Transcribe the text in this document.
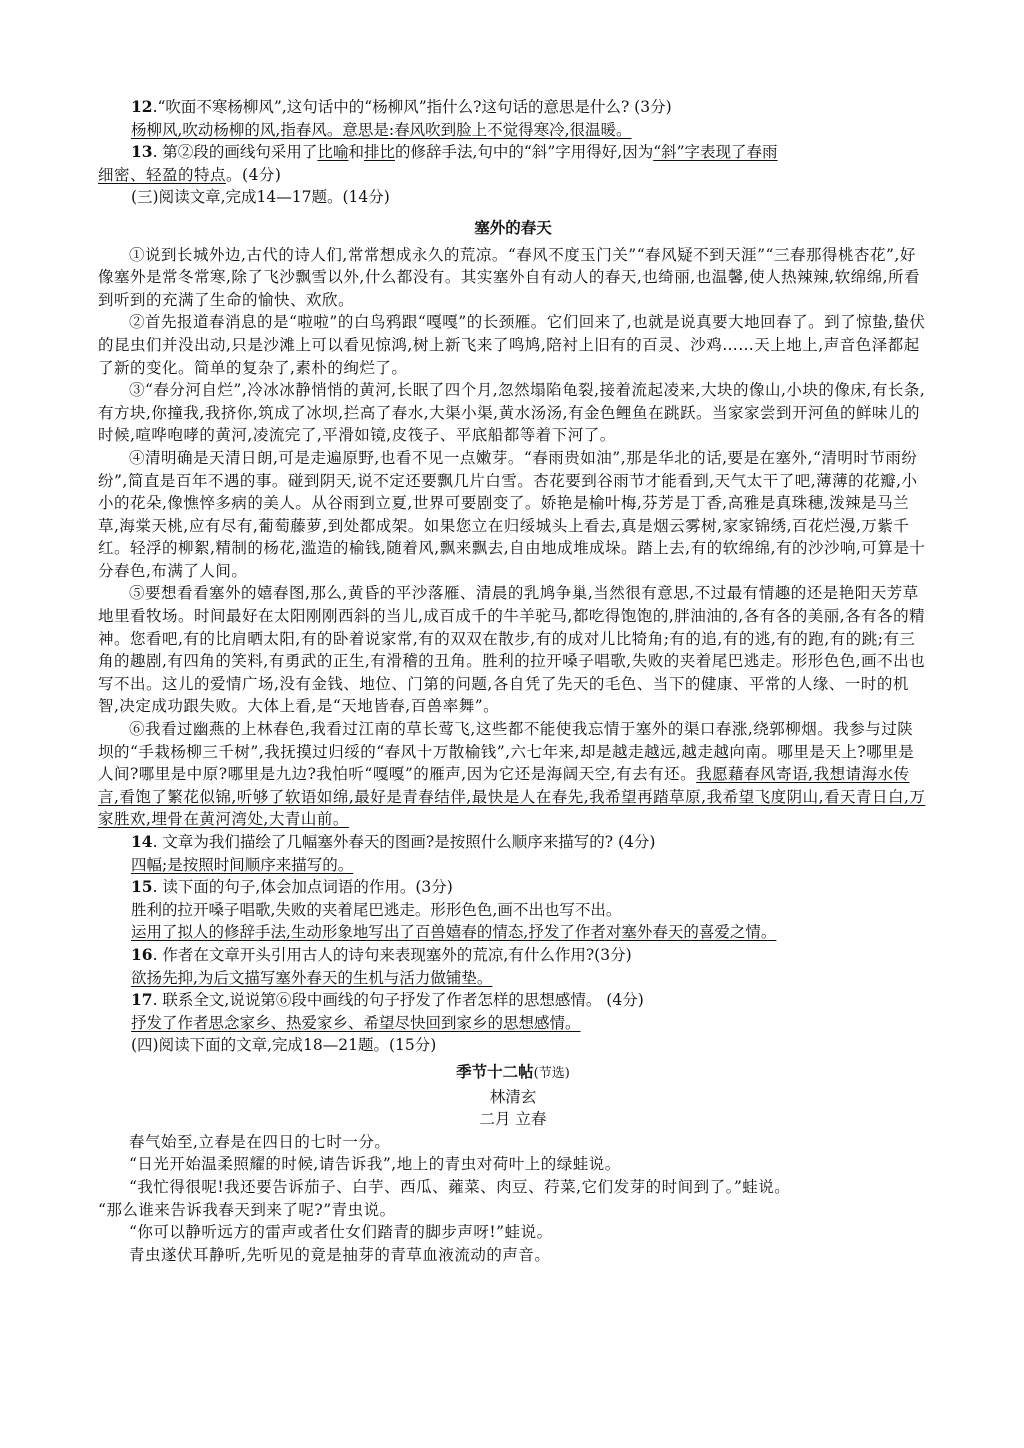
12.“吹面不寒杨柳风”,这句话中的“杨柳风”指什么?这句话的意思是什么? (3分)

杨柳风,吹动杨柳的风,指春风。意思是:春风吹到脸上不觉得寒冷,很温暖。

13. 第②段的画线句采用了比喻和排比的修辞手法,句中的“斜”字用得好,因为“斜”字表现了春雨

细密、轻盈的特点。(4分)

(三)阅读文章,完成14—17题。(14分)

塞外的春天

①说到长城外边,古代的诗人们,常常想成永久的荒凉。“春风不度玉门关”“春风疑不到天涯”“三春那得桃杏花”,好像塞外是常冬常寒,除了飞沙飘雪以外,什么都没有。其实塞外自有动人的春天,也绮丽,也温馨,使人热辣辣,软绵绵,所看到听到的充满了生命的愉快、欢欣。

②首先报道春消息的是“啦啦”的白鸟鸦跟“嘎嘎”的长颈雁。它们回来了,也就是说真要大地回春了。到了惊蛰,蛰伏的昆虫们并没出动,只是沙滩上可以看见惊鸿,树上新飞来了鸣鸠,陪衬上旧有的百灵、沙鸡……天上地上,声音色泽都起了新的变化。简单的复杂了,素朴的绚烂了。

③“春分河自烂”,冷冰冰静悄悄的黄河,长眠了四个月,忽然塌陷龟裂,接着流起凌来,大块的像山,小块的像床,有长条,有方块,你撞我,我挤你,筑成了冰坝,拦高了春水,大渠小渠,黄水汤汤,有金色鲤鱼在跳跃。当家家尝到开河鱼的鲜味儿的时候,喧哗咆哮的黄河,凌流完了,平滑如镜,皮筏子、平底船都等着下河了。

④清明确是天清日朗,可是走遍原野,也看不见一点嫩芽。“春雨贵如油”,那是华北的话,要是在塞外,“清明时节雨纷纷”,简直是百年不遇的事。碰到阴天,说不定还要飘几片白雪。杏花要到谷雨节才能看到,天气太干了吧,薄薄的花瓣,小小的花朵,像憔悴多病的美人。从谷雨到立夏,世界可要剧变了。娇艳是榆叶梅,芬芳是丁香,高雅是真珠穗,泼辣是马兰草,海棠天桃,应有尽有,葡萄藤萝,到处都成架。如果您立在归绥城头上看去,真是烟云雾树,家家锦绣,百花烂漫,万紫千红。轻浮的柳絮,精制的杨花,滥造的榆钱,随着风,飘来飘去,自由地成堆成垛。踏上去,有的软绵绵,有的沙沙响,可算是十分春色,布满了人间。

⑤要想看看塞外的嬉春图,那么,黄昏的平沙落雁、清晨的乳鸠争巢,当然很有意思,不过最有情趣的还是艳阳天芳草地里看牧场。时间最好在太阳刚刚西斜的当儿,成百成千的牛羊驼马,都吃得饱饱的,胖油油的,各有各的美丽,各有各的精神。您看吧,有的比肩晒太阳,有的卧着说家常,有的双双在散步,有的成对儿比犄角;有的追,有的逃,有的跑,有的跳;有三角的趣剧,有四角的笑料,有勇武的正生,有滑稽的丑角。胜利的拉开嗓子唱歌,失败的夹着尾巴逃走。形形色色,画不出也写不出。这儿的爱情广场,没有金钱、地位、门第的问题,各自凭了先天的毛色、当下的健康、平常的人缘、一时的机智,决定成功跟失败。大体上看,是“天地皆春,百兽率舞”。

⑥我看过幽燕的上林春色,我看过江南的草长莺飞,这些都不能使我忘情于塞外的渠口春涨,绕郭柳烟。我参与过陕坝的“手栽杨柳三千树”,我抚摸过归绥的“春风十万散榆钱”,六七年来,却是越走越远,越走越向南。哪里是天上?哪里是人间?哪里是中原?哪里是九边?我怕听“嘎嘎”的雁声,因为它还是海阔天空,有去有还。我愿藉春风寄语,我想请海水传言,看饱了繁花似锦,听够了软语如绵,最好是青春结伴,最快是人在春先,我希望再踏草原,我希望飞度阴山,看天青日白,万家胜欢,埋骨在黄河湾处,大青山前。

14. 文章为我们描绘了几幅塞外春天的图画?是按照什么顺序来描写的? (4分)

四幅;是按照时间顺序来描写的。

15. 读下面的句子,体会加点词语的作用。(3分)

胜利的拉开嗓子唱歌,失败的夹着尾巴逃走。形形色色,画不出也写不出。

运用了拟人的修辞手法,生动形象地写出了百兽嬉春的情态,抒发了作者对塞外春天的喜爱之情。

16. 作者在文章开头引用古人的诗句来表现塞外的荒凉,有什么作用?(3分)

欲扬先抑,为后文描写塞外春天的生机与活力做铺垫。

17. 联系全文,说说第⑥段中画线的句子抒发了作者怎样的思想感情。 (4分)

抒发了作者思念家乡、热爱家乡、希望尽快回到家乡的思想感情。

(四)阅读下面的文章,完成18—21题。(15分)

季节十二帖(节选)

林清玄

二月 立春

春气始至,立春是在四日的七时一分。

“日光开始温柔照耀的时候,请告诉我”,地上的青虫对荷叶上的绿蛙说。

“我忙得很呢!我还要告诉茄子、白芋、西瓜、蕹菜、肉豆、荇菜,它们发芽的时间到了。”蛙说。

“那么谁来告诉我春天到来了呢?”青虫说。

“你可以静听远方的雷声或者仕女们踏青的脚步声呀!”蛙说。

青虫遂伏耳静听,先听见的竟是抽芽的青草血液流动的声音。
